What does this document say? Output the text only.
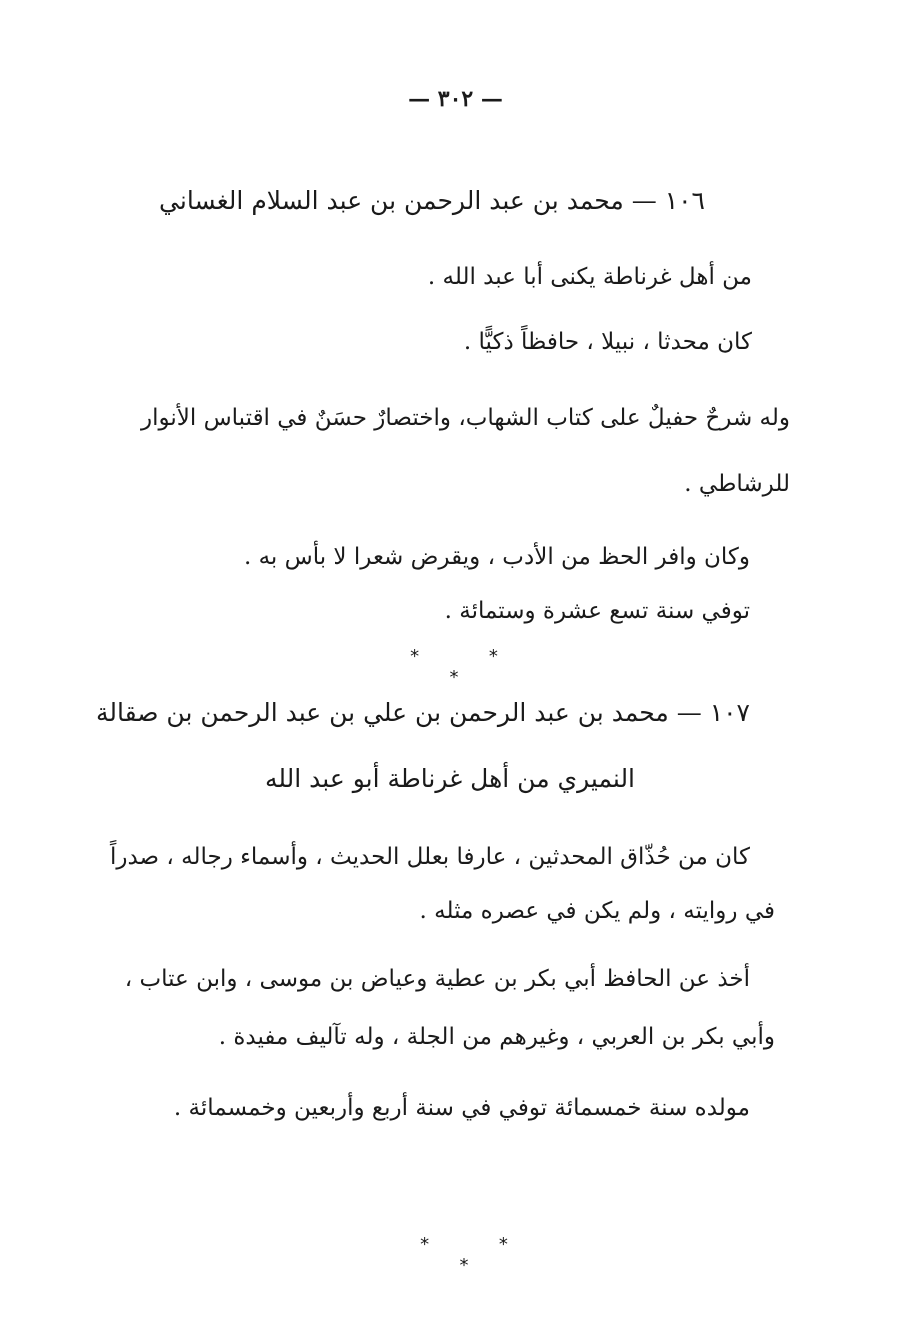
— ٣٠٢ —
١٠٦ — محمد بن عبد الرحمن بن عبد السلام الغساني
من أهل غرناطة يكنى أبا عبد الله .
كان محدثا ، نبيلا ، حافظاً ذكيًّا .
وله شرحٌ حفيلٌ على كتاب الشهاب، واختصارٌ حسَنٌ في اقتباس الأنوار
للرشاطي .
وكان وافر الحظ من الأدب ، ويقرض شعرا لا بأس به .
توفي سنة تسع عشرة وستمائة .
* * *
١٠٧ — محمد بن عبد الرحمن بن علي بن عبد الرحمن بن صقالة
النميري من أهل غرناطة أبو عبد الله
كان من حُذّاق المحدثين ، عارفا بعلل الحديث ، وأسماء رجاله ، صدراً
في روايته ، ولم يكن في عصره مثله .
أخذ عن الحافظ أبي بكر بن عطية وعياض بن موسى ، وابن عتاب ،
وأبي بكر بن العربي ، وغيرهم من الجلة ، وله تآليف مفيدة .
مولده سنة خمسمائة توفي في سنة أربع وأربعين وخمسمائة .
* * *
